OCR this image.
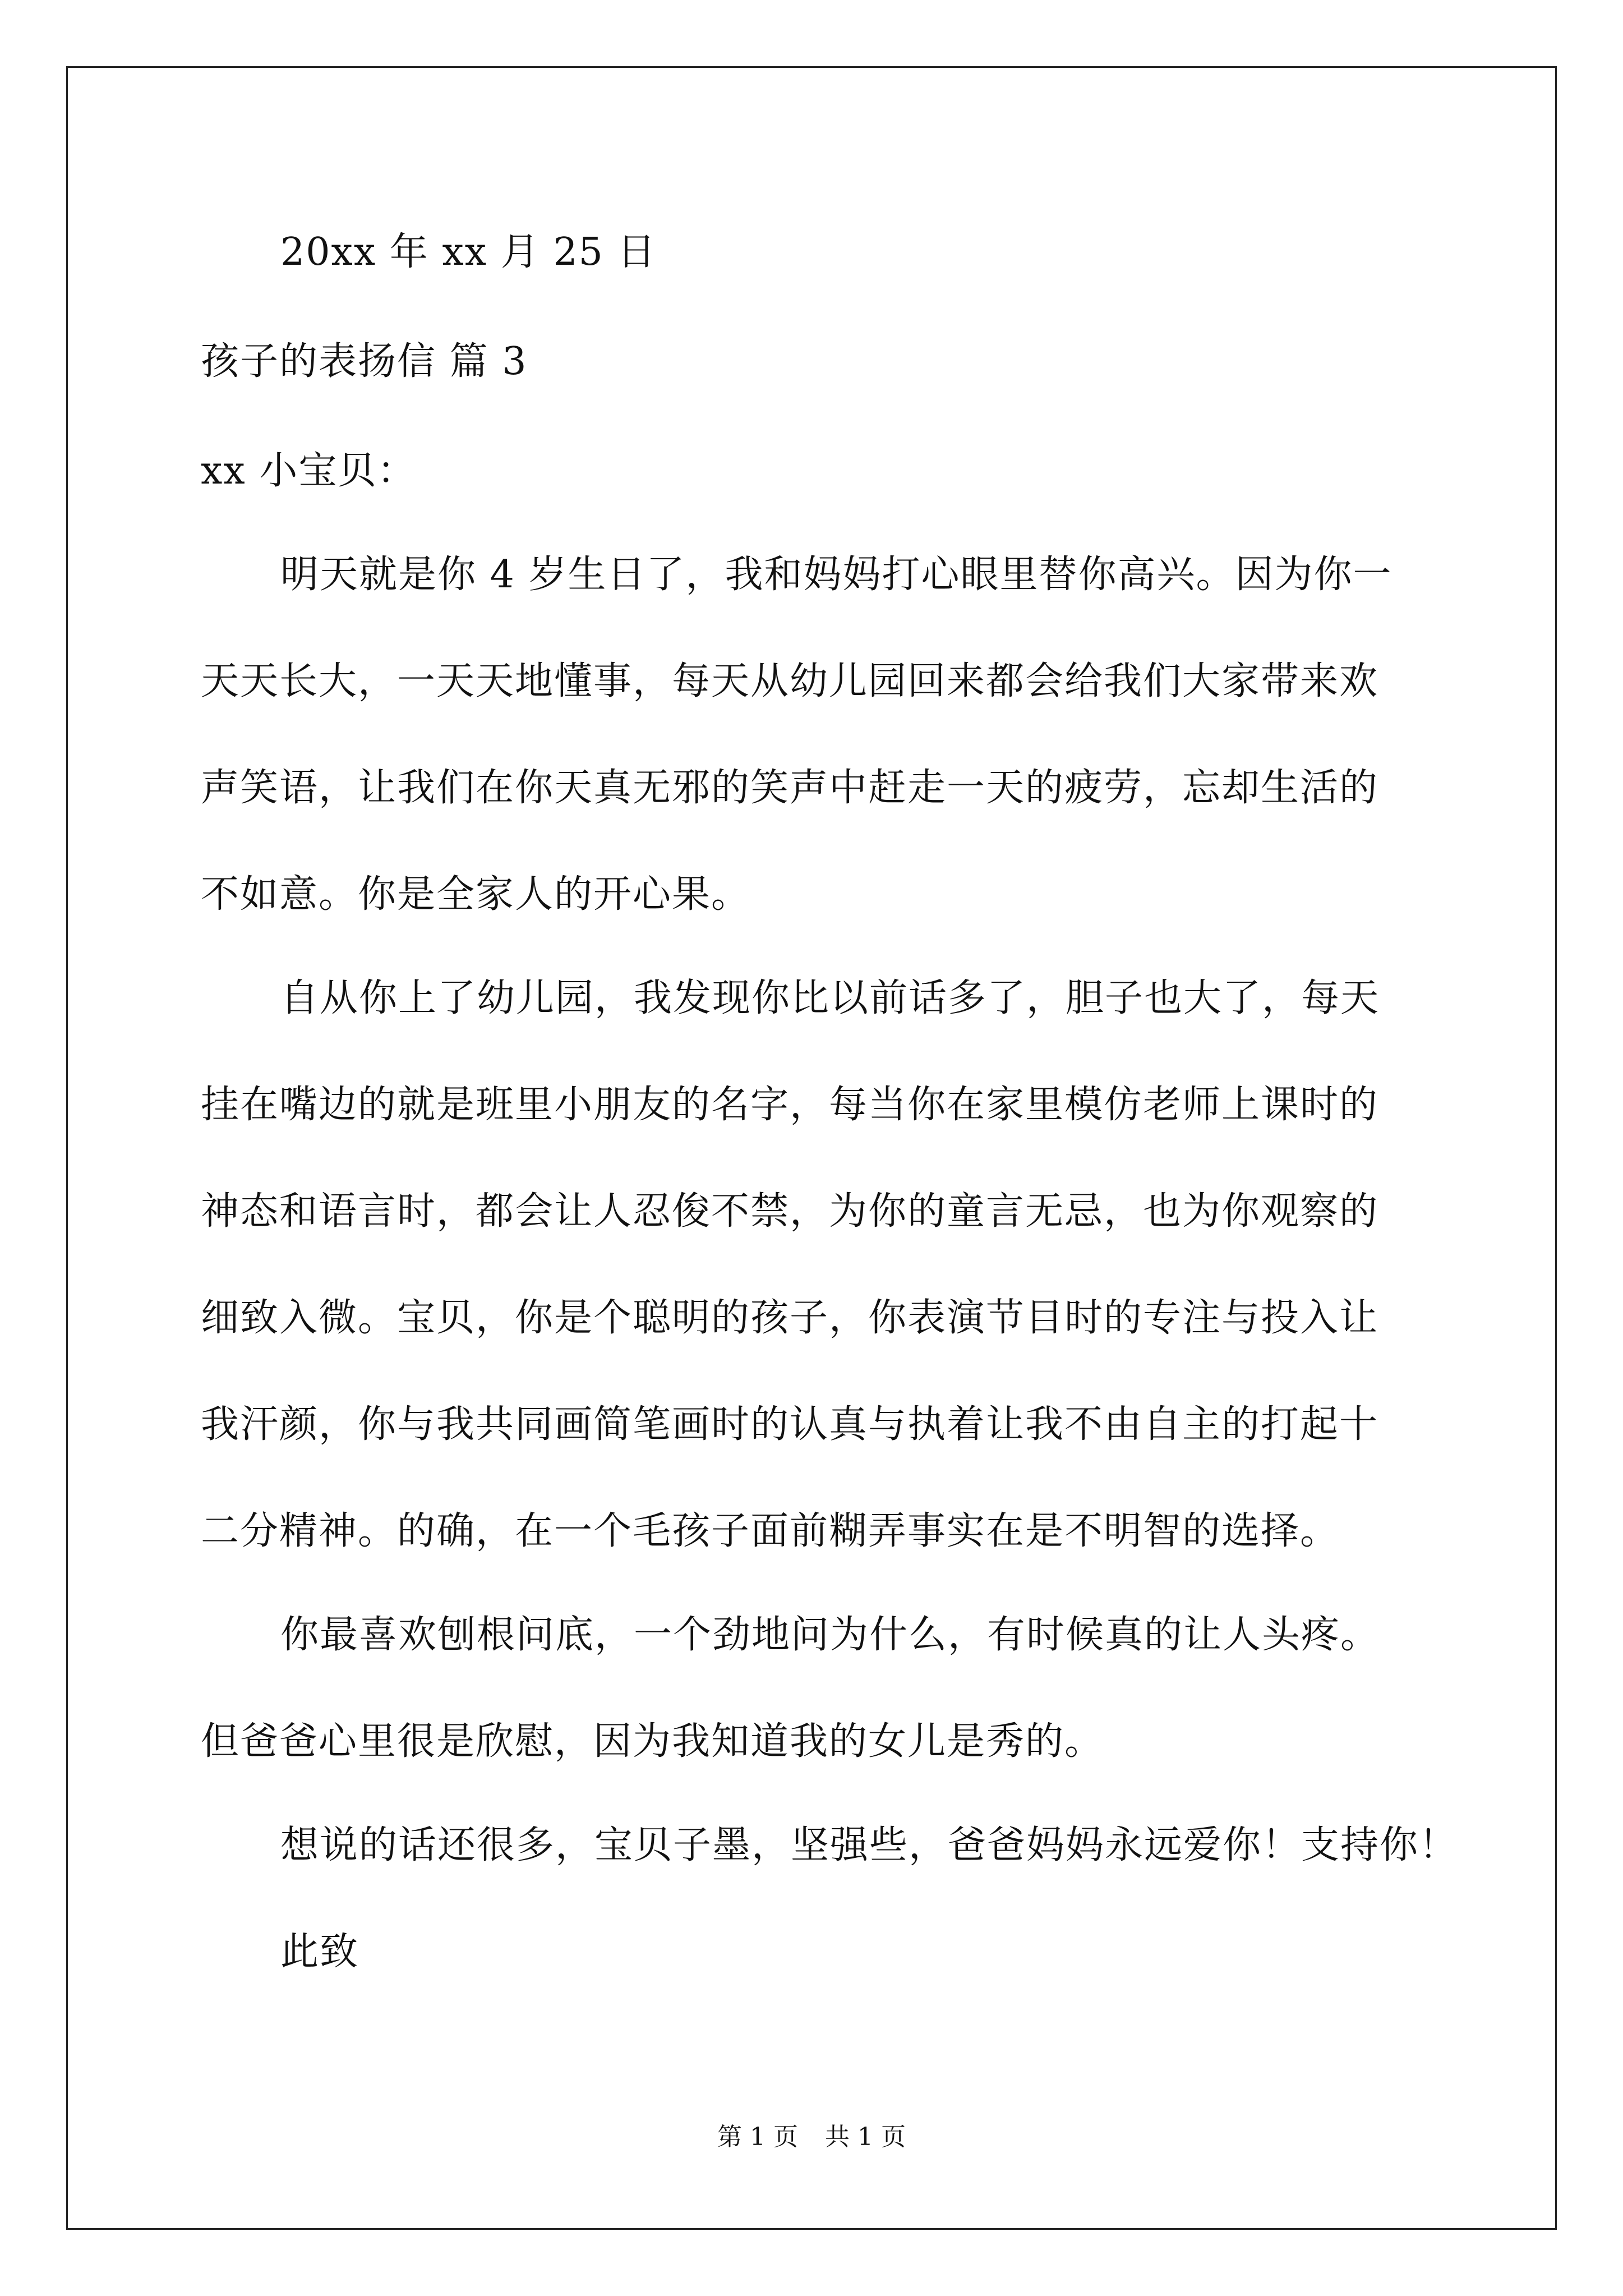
20xx 年 xx 月 25 日
孩子的表扬信 篇 3
xx 小宝贝：
明天就是你 4 岁生日了，我和妈妈打心眼里替你高兴。因为你一
天天长大，一天天地懂事，每天从幼儿园回来都会给我们大家带来欢
声笑语，让我们在你天真无邪的笑声中赶走一天的疲劳，忘却生活的
不如意。你是全家人的开心果。
自从你上了幼儿园，我发现你比以前话多了，胆子也大了，每天
挂在嘴边的就是班里小朋友的名字，每当你在家里模仿老师上课时的
神态和语言时，都会让人忍俊不禁，为你的童言无忌，也为你观察的
细致入微。宝贝，你是个聪明的孩子，你表演节目时的专注与投入让
我汗颜，你与我共同画简笔画时的认真与执着让我不由自主的打起十
二分精神。的确，在一个毛孩子面前糊弄事实在是不明智的选择。
你最喜欢刨根问底，一个劲地问为什么，有时候真的让人头疼。
但爸爸心里很是欣慰，因为我知道我的女儿是秀的。
想说的话还很多，宝贝子墨，坚强些，爸爸妈妈永远爱你！支持你！
此致
第 1 页 共 1 页
